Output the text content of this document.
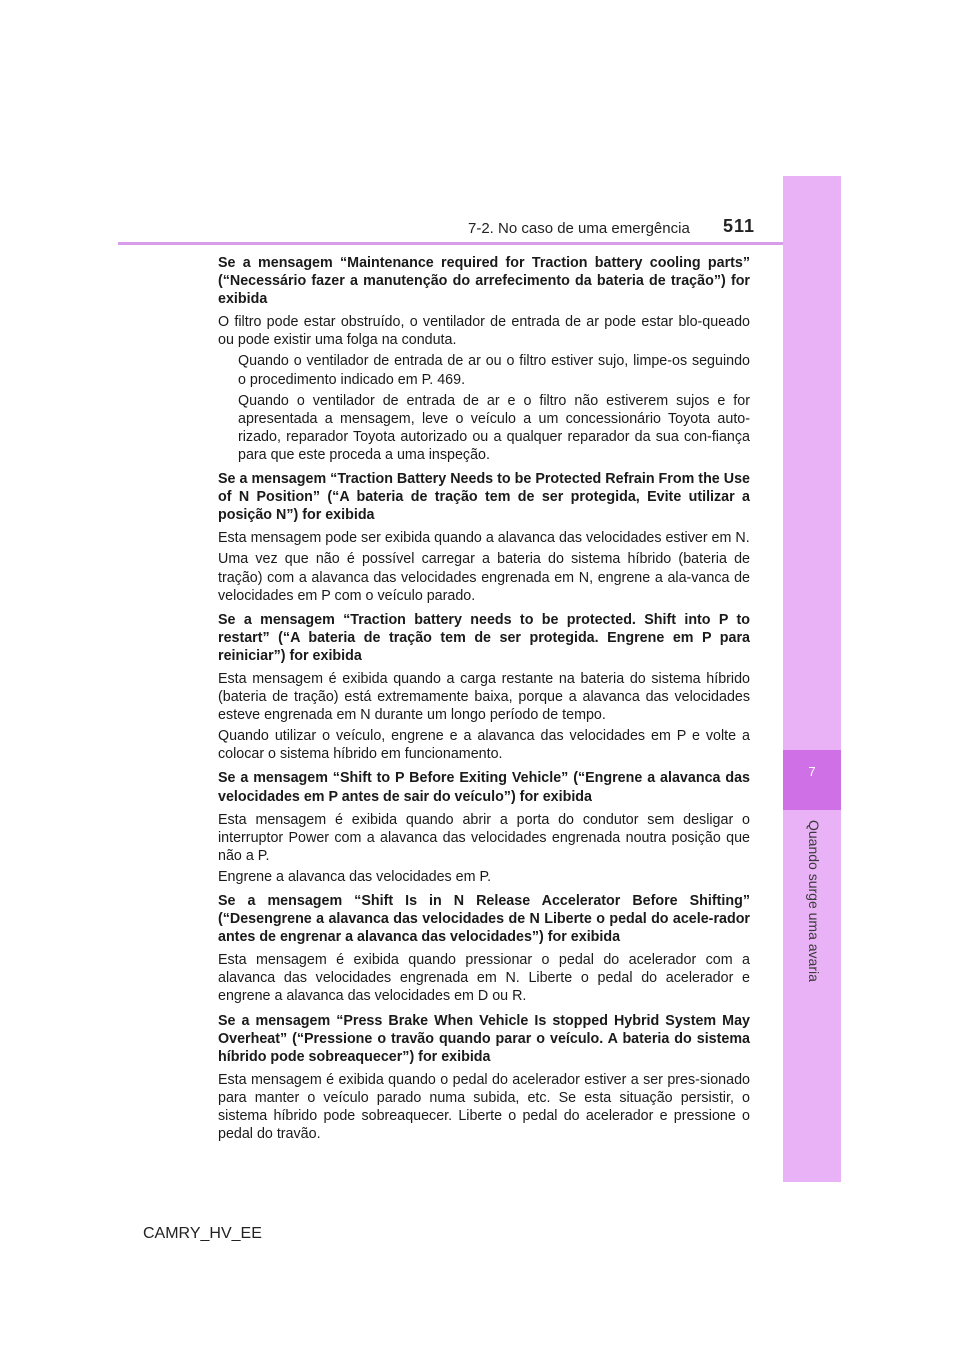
7
Quando surge uma avaria
7-2. No caso de uma emergência 511

Se a mensagem “Maintenance required for Traction battery cooling parts” (“Necessário fazer a manutenção do arrefecimento da bateria de tração”) for exibida

O filtro pode estar obstruído, o ventilador de entrada de ar pode estar blo-queado ou pode existir uma folga na conduta.

Quando o ventilador de entrada de ar ou o filtro estiver sujo, limpe-os seguindo o procedimento indicado em P. 469.

Quando o ventilador de entrada de ar e o filtro não estiverem sujos e for apresentada a mensagem, leve o veículo a um concessionário Toyota auto-rizado, reparador Toyota autorizado ou a qualquer reparador da sua con-fiança para que este proceda a uma inspeção.

Se a mensagem “Traction Battery Needs to be Protected Refrain From the Use of N Position” (“A bateria de tração tem de ser protegida, Evite utilizar a posição N”) for exibida

Esta mensagem pode ser exibida quando a alavanca das velocidades estiver em N.

Uma vez que não é possível carregar a bateria do sistema híbrido (bateria de tração) com a alavanca das velocidades engrenada em N, engrene a ala-vanca de velocidades em P com o veículo parado.

Se a mensagem “Traction battery needs to be protected. Shift into P to restart” (“A bateria de tração tem de ser protegida. Engrene em P para reiniciar”) for exibida

Esta mensagem é exibida quando a carga restante na bateria do sistema híbrido (bateria de tração) está extremamente baixa, porque a alavanca das velocidades esteve engrenada em N durante um longo período de tempo.

Quando utilizar o veículo, engrene e a alavanca das velocidades em P e volte a colocar o sistema híbrido em funcionamento.

Se a mensagem “Shift to P Before Exiting Vehicle” (“Engrene a alavanca das velocidades em P antes de sair do veículo”) for exibida

Esta mensagem é exibida quando abrir a porta do condutor sem desligar o interruptor Power com a alavanca das velocidades engrenada noutra posição que não a P.

Engrene a alavanca das velocidades em P.

Se a mensagem “Shift Is in N Release Accelerator Before Shifting” (“Desengrene a alavanca das velocidades de N Liberte o pedal do acele-rador antes de engrenar a alavanca das velocidades”) for exibida

Esta mensagem é exibida quando pressionar o pedal do acelerador com a alavanca das velocidades engrenada em N. Liberte o pedal do acelerador e engrene a alavanca das velocidades em D ou R.

Se a mensagem “Press Brake When Vehicle Is stopped Hybrid System May Overheat” (“Pressione o travão quando parar o veículo. A bateria do sistema híbrido pode sobreaquecer”) for exibida

Esta mensagem é exibida quando o pedal do acelerador estiver a ser pres-sionado para manter o veículo parado numa subida, etc. Se esta situação persistir, o sistema híbrido pode sobreaquecer. Liberte o pedal do acelerador e pressione o pedal do travão.

CAMRY_HV_EE
